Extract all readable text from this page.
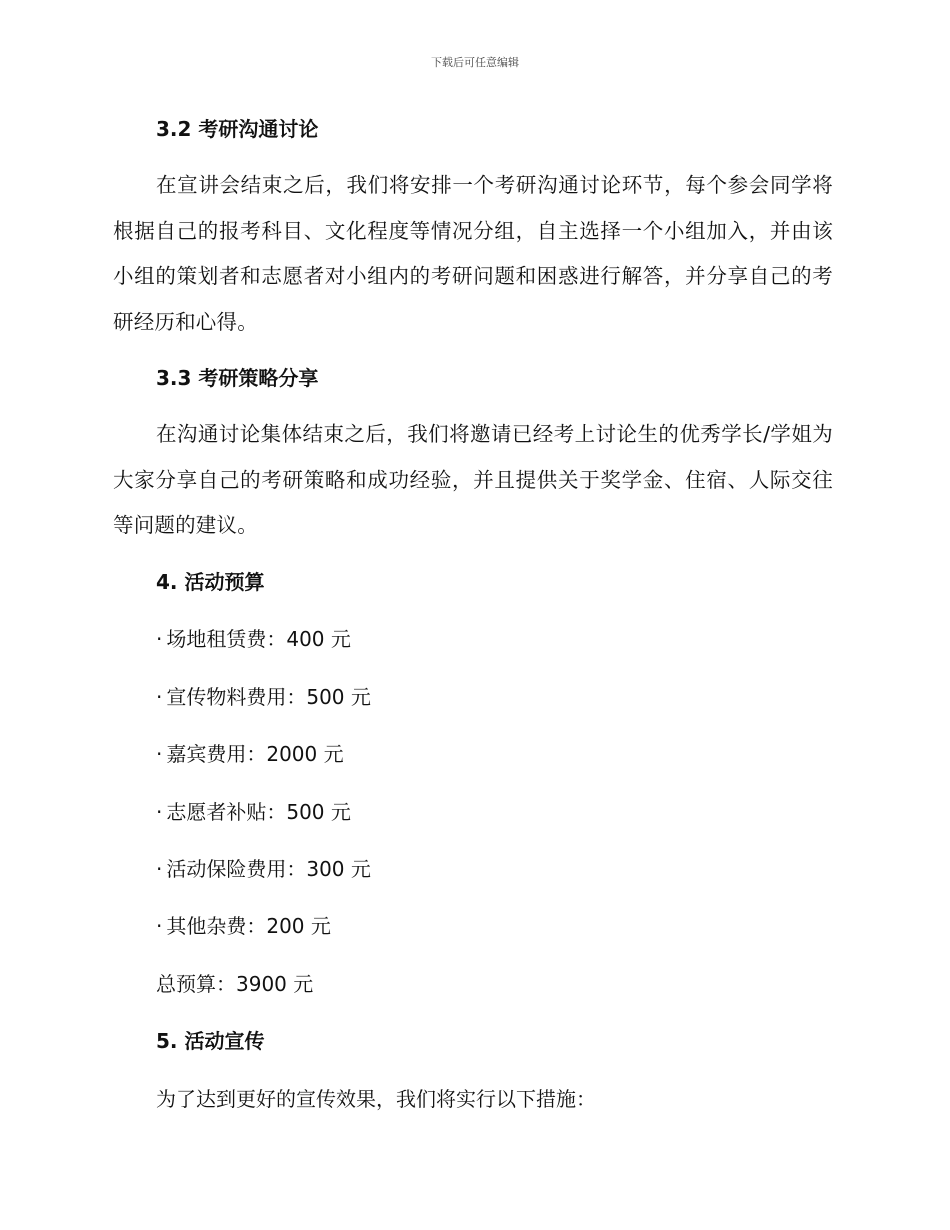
下载后可任意编辑
3.2 考研沟通讨论
在宣讲会结束之后，我们将安排一个考研沟通讨论环节，每个参会同学将根据自己的报考科目、文化程度等情况分组，自主选择一个小组加入，并由该小组的策划者和志愿者对小组内的考研问题和困惑进行解答，并分享自己的考研经历和心得。
3.3 考研策略分享
在沟通讨论集体结束之后，我们将邀请已经考上讨论生的优秀学长/学姐为大家分享自己的考研策略和成功经验，并且提供关于奖学金、住宿、人际交往等问题的建议。
4. 活动预算
· 场地租赁费：400 元
· 宣传物料费用：500 元
· 嘉宾费用：2000 元
· 志愿者补贴：500 元
· 活动保险费用：300 元
· 其他杂费：200 元
总预算：3900 元
5. 活动宣传
为了达到更好的宣传效果，我们将实行以下措施：
